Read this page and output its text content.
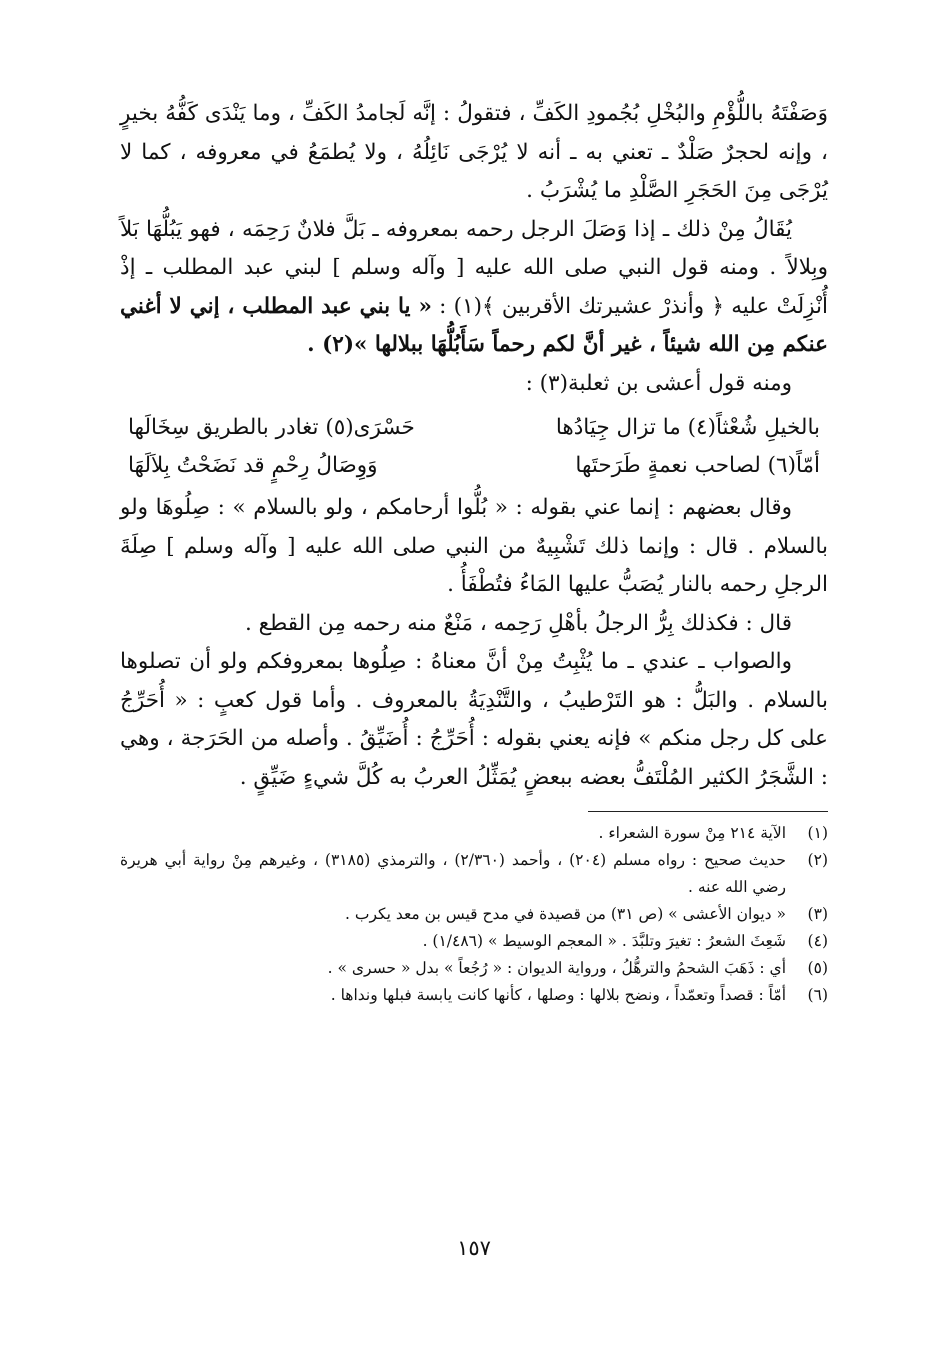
وَصَفْتَهُ باللُّؤْمِ والبُخْلِ بُجُمودِ الكَفِّ ، فتقولُ : إنَّه لَجامدُ الكَفِّ ، وما يَنْدَى كَفُّهُ بخيرٍ ، وإنه لحجرٌ صَلْدٌ ـ تعني به ـ أنه لا يُرْجَى نَائِلُهُ ، ولا يُطمَعُ في معروفه ، كما لا يُرْجَى مِنَ الحَجَرِ الصَّلْدِ ما يُشْرَبُ .

يُقَالُ مِنْ ذلك ـ إذا وَصَلَ الرجل رحمه بمعروفه ـ بَلَّ فلانٌ رَحِمَه ، فهو يَبُلُّهَا بَلاً وبِلالاً . ومنه قول النبي صلى الله عليه [ وآله وسلم ] لبني عبد المطلب ـ إذْ أُنْزِلَتْ عليه ﴿ وأنذرْ عشيرتك الأقربين ﴾(١) : « يا بني عبد المطلب ، إني لا أغني عنكم مِن الله شيئاً ، غير أنَّ لكم رحماً سَأَبُلُّهَا ببلالها »(٢) .

ومنه قول أعشى بن ثعلبة(٣) :

بالخيلِ شُعْثاً(٤) ما تزال جِيَادُها
حَسْرَى(٥) تغادر بالطريق سِخَالَها
أمّاً(٦) لصاحب نعمةٍ طَرَحتَها
وَوِصَالُ رِحْمٍ قد نَضَحْتُ بِلاَلَهَا

وقال بعضهم : إنما عني بقوله : « بُلُّوا أرحامكم ، ولو بالسلام » : صِلُوهَا ولو بالسلام . قال : وإنما ذلك تَشْبِيهٌ من النبي صلى الله عليه [ وآله وسلم ] صِلَةَ الرجلِ رحمه بالنار يُصَبُّ عليها المَاءُ فتُطْفَأُ .

قال : فكذلك بِرُّ الرجلُ بأهْلِ رَحِمه ، مَنْعٌ منه رحمه مِن القطع .

والصواب ـ عندي ـ ما يُثْبِتُ مِنْ أنَّ معناهُ : صِلُوها بمعروفكم ولو أن تصلوها بالسلام . والبَلُّ : هو التَرْطيبُ ، والتَّنْدِيَةُ بالمعروف . وأما قول كعبٍ : « أُحَرِّجُ على كل رجل منكم » فإنه يعني بقوله : أُحَرِّجُ : أُضَيِّقُ . وأصله من الحَرَجة ، وهي : الشَّجَرُ الكثير المُلْتَفُّ بعضه ببعضٍ يُمَثِّلُ العربُ به كُلَّ شيءٍ ضَيِّقٍ .

(١)
الآية ٢١٤ مِنْ سورة الشعراء .
(٢)
حديث صحيح : رواه مسلم (٢٠٤) ، وأحمد (٢/٣٦٠) ، والترمذي (٣١٨٥) ، وغيرهم مِنْ رواية أبي هريرة رضي الله عنه .
(٣)
« ديوان الأعشى » (ص ٣١) من قصيدة في مدح قيس بن معد يكرب .
(٤)
شَعِثَ الشعرُ : تغيرَ وتلبَّدَ . « المعجم الوسيط » (١/٤٨٦) .
(٥)
أي : ذَهَبَ الشحمُ والترهُّلُ ، ورواية الديوان : « رُجُعاً » بدل « حسرى » .
(٦)
أمّاً : قصداً وتعمّداً ، ونضح بلالها : وصلها ، كأنها كانت يابسة فبلها ونداها .
١٥٧
